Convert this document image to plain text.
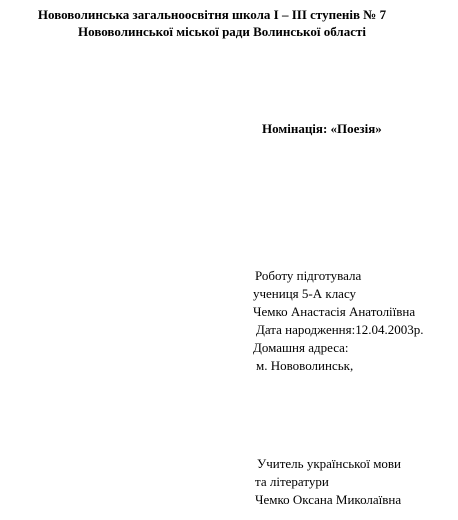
Нововолинська загальноосвітня школа І – ІІІ ступенів № 7
Нововолинської міської ради Волинської області
Номінація: «Поезія»
Роботу підготувала
учениця 5-А класу
Чемко Анастасія Анатоліївна
Дата народження:12.04.2003р.
Домашня адреса:
м. Нововолинськ,
Учитель української мови
та літератури
Чемко Оксана Миколаївна
